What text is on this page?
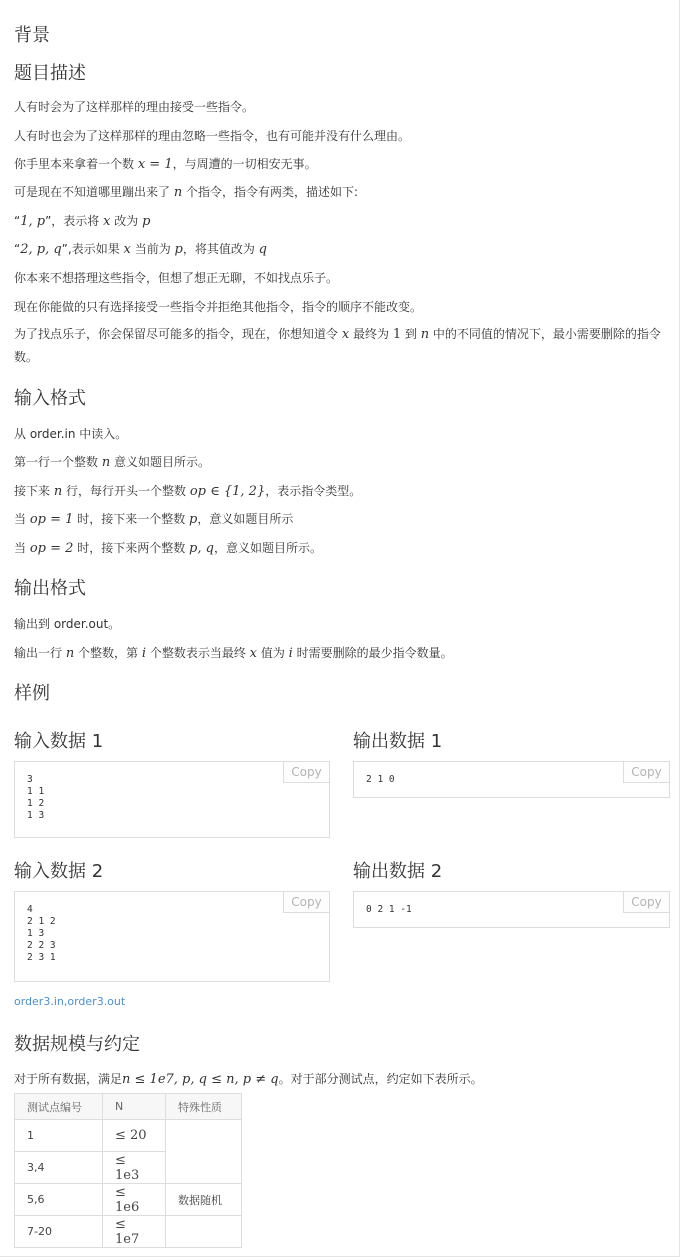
背景
题目描述

人有时会为了这样那样的理由接受一些指令。

人有时也会为了这样那样的理由忽略一些指令，也有可能并没有什么理由。

你手里本来拿着一个数 x = 1，与周遭的一切相安无事。

可是现在不知道哪里蹦出来了 n 个指令，指令有两类，描述如下:

“1, p”，表示将 x 改为 p

“2, p, q”,表示如果 x 当前为 p，将其值改为 q

你本来不想搭理这些指令，但想了想正无聊，不如找点乐子。

现在你能做的只有选择接受一些指令并拒绝其他指令，指令的顺序不能改变。

为了找点乐子，你会保留尽可能多的指令，现在，你想知道令 x 最终为 1 到 n 中的不同值的情况下，最小需要删除的指令数。

输入格式

从 order.in 中读入。

第一行一个整数 n 意义如题目所示。

接下来 n 行，每行开头一个整数 op ∈ {1, 2}，表示指令类型。

当 op = 1 时，接下来一个整数 p，意义如题目所示

当 op = 2 时，接下来两个整数 p, q，意义如题目所示。

输出格式

输出到 order.out。

输出一行 n 个整数，第 i 个整数表示当最终 x 值为 i 时需要删除的最少指令数量。

样例
输入数据 1	输出数据 1
3
1 1
1 2
1 3
Copy
2 1 0
Copy
输入数据 2	输出数据 2
4
2 1 2
1 3
2 2 3
2 3 1
Copy
0 2 1 -1
Copy
order3.in,order3.out
数据规模与约定

对于所有数据，满足n ≤ 1e7, p, q ≤ n, p ≠ q。对于部分测试点，约定如下表所示。

测试点编号	N	特殊性质
1	≤ 20	
3,4	≤ 1e3	
5,6	≤ 1e6	数据随机
7-20	≤ 1e7	
